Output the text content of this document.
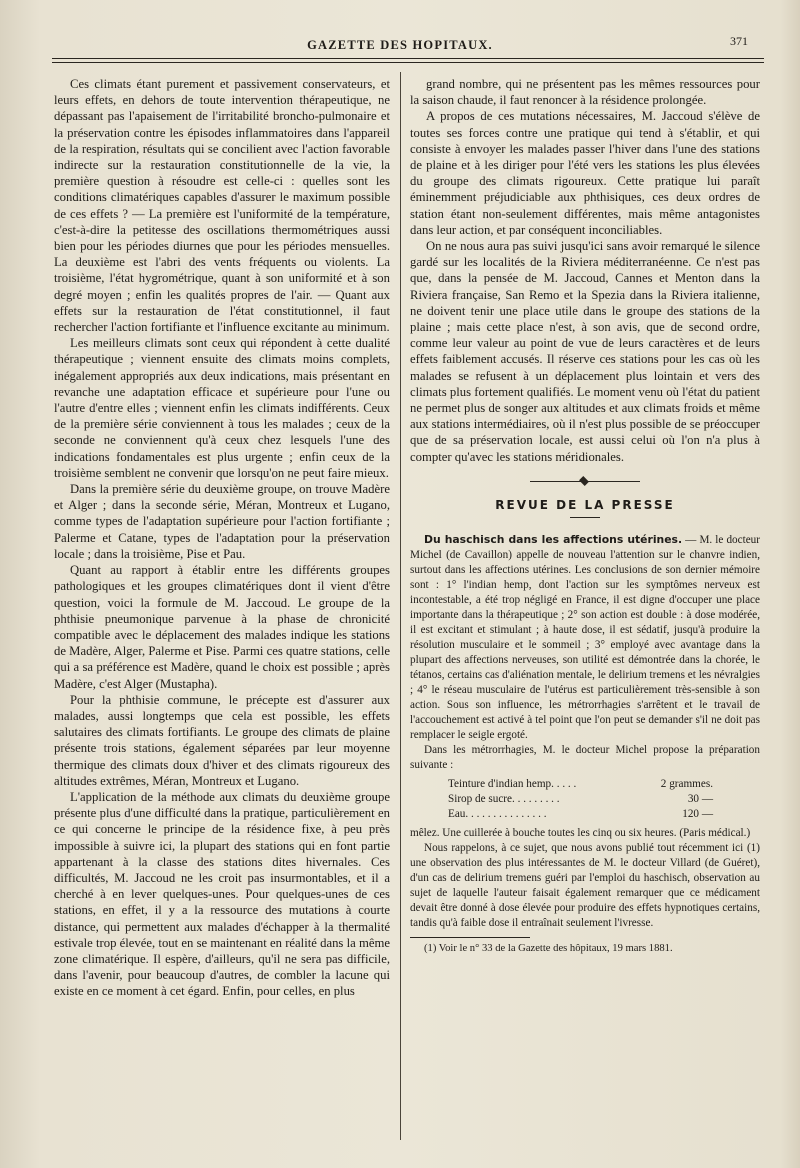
GAZETTE DES HOPITAUX.	371

Ces climats étant purement et passivement conservateurs, et leurs effets, en dehors de toute intervention thérapeutique, ne dépassant pas l'apaisement de l'irritabilité broncho-pulmonaire et la préservation contre les épisodes inflammatoires dans l'appareil de la respiration, résultats qui se concilient avec l'action favorable indirecte sur la restauration constitutionnelle de la vie, la première question à résoudre est celle-ci : quelles sont les conditions climatériques capables d'assurer le maximum possible de ces effets ? — La première est l'uniformité de la température, c'est-à-dire la petitesse des oscillations thermométriques aussi bien pour les périodes diurnes que pour les périodes mensuelles. La deuxième est l'abri des vents fréquents ou violents. La troisième, l'état hygrométrique, quant à son uniformité et à son degré moyen ; enfin les qualités propres de l'air. — Quant aux effets sur la restauration de l'état constitutionnel, il faut rechercher l'action fortifiante et l'influence excitante au minimum.

Les meilleurs climats sont ceux qui répondent à cette dualité thérapeutique ; viennent ensuite des climats moins complets, inégalement appropriés aux deux indications, mais présentant en revanche une adaptation efficace et supérieure pour l'une ou l'autre d'entre elles ; viennent enfin les climats indifférents. Ceux de la première série conviennent à tous les malades ; ceux de la seconde ne conviennent qu'à ceux chez lesquels l'une des indications fondamentales est plus urgente ; enfin ceux de la troisième semblent ne convenir que lorsqu'on ne peut faire mieux.

Dans la première série du deuxième groupe, on trouve Madère et Alger ; dans la seconde série, Méran, Montreux et Lugano, comme types de l'adaptation supérieure pour l'action fortifiante ; Palerme et Catane, types de l'adaptation pour la préservation locale ; dans la troisième, Pise et Pau.

Quant au rapport à établir entre les différents groupes pathologiques et les groupes climatériques dont il vient d'être question, voici la formule de M. Jaccoud. Le groupe de la phthisie pneumonique parvenue à la phase de chronicité compatible avec le déplacement des malades indique les stations de Madère, Alger, Palerme et Pise. Parmi ces quatre stations, celle qui a sa préférence est Madère, quand le choix est possible ; après Madère, c'est Alger (Mustapha).

Pour la phthisie commune, le précepte est d'assurer aux malades, aussi longtemps que cela est possible, les effets salutaires des climats fortifiants. Le groupe des climats de plaine présente trois stations, également séparées par leur moyenne thermique des climats doux d'hiver et des climats rigoureux des altitudes extrêmes, Méran, Montreux et Lugano.

L'application de la méthode aux climats du deuxième groupe présente plus d'une difficulté dans la pratique, particulièrement en ce qui concerne le principe de la résidence fixe, à peu près impossible à suivre ici, la plupart des stations qui en font partie appartenant à la classe des stations dites hivernales. Ces difficultés, M. Jaccoud ne les croit pas insurmontables, et il a cherché à en lever quelques-unes. Pour quelques-unes de ces stations, en effet, il y a la ressource des mutations à courte distance, qui permettent aux malades d'échapper à la thermalité estivale trop élevée, tout en se maintenant en réalité dans la même zone climatérique. Il espère, d'ailleurs, qu'il ne sera pas difficile, dans l'avenir, pour beaucoup d'autres, de combler la lacune qui existe en ce moment à cet égard. Enfin, pour celles, en plus

grand nombre, qui ne présentent pas les mêmes ressources pour la saison chaude, il faut renoncer à la résidence prolongée.

A propos de ces mutations nécessaires, M. Jaccoud s'élève de toutes ses forces contre une pratique qui tend à s'établir, et qui consiste à envoyer les malades passer l'hiver dans l'une des stations de plaine et à les diriger pour l'été vers les stations les plus élevées du groupe des climats rigoureux. Cette pratique lui paraît éminemment préjudiciable aux phthisiques, ces deux ordres de station étant non-seulement différentes, mais même antagonistes dans leur action, et par conséquent inconciliables.

On ne nous aura pas suivi jusqu'ici sans avoir remarqué le silence gardé sur les localités de la Riviera méditerranéenne. Ce n'est pas que, dans la pensée de M. Jaccoud, Cannes et Menton dans la Riviera française, San Remo et la Spezia dans la Riviera italienne, ne doivent tenir une place utile dans le groupe des stations de la plaine ; mais cette place n'est, à son avis, que de second ordre, comme leur valeur au point de vue de leurs caractères et de leurs effets faiblement accusés. Il réserve ces stations pour les cas où les malades se refusent à un déplacement plus lointain et vers des climats plus fortement qualifiés. Le moment venu où l'état du patient ne permet plus de songer aux altitudes et aux climats froids et même aux stations intermédiaires, où il n'est plus possible de se préoccuper que de sa préservation locale, est aussi celui où l'on n'a plus à compter qu'avec les stations méridionales.

REVUE DE LA PRESSE

Du haschisch dans les affections utérines. — M. le docteur Michel (de Cavaillon) appelle de nouveau l'attention sur le chanvre indien, surtout dans les affections utérines. Les conclusions de son dernier mémoire sont : 1° l'indian hemp, dont l'action sur les symptômes nerveux est incontestable, a été trop négligé en France, il est digne d'occuper une place importante dans la thérapeutique ; 2° son action est double : à dose modérée, il est excitant et stimulant ; à haute dose, il est sédatif, jusqu'à produire la résolution musculaire et le sommeil ; 3° employé avec avantage dans la plupart des affections nerveuses, son utilité est démontrée dans la chorée, le tétanos, certains cas d'aliénation mentale, le delirium tremens et les névralgies ; 4° le réseau musculaire de l'utérus est particulièrement très-sensible à son action. Sous son influence, les métrorrhagies s'arrêtent et le travail de l'accouchement est activé à tel point que l'on peut se demander s'il ne doit pas remplacer le seigle ergoté.

Dans les métrorrhagies, M. le docteur Michel propose la préparation suivante :

Teinture d'indian hemp. . . . .	2 grammes.
Sirop de sucre. . . . . . . . .	30 —
Eau. . . . . . . . . . . . . . .	120 —

mêlez. Une cuillerée à bouche toutes les cinq ou six heures. (Paris médical.)

Nous rappelons, à ce sujet, que nous avons publié tout récemment ici (1) une observation des plus intéressantes de M. le docteur Villard (de Guéret), d'un cas de delirium tremens guéri par l'emploi du haschisch, observation au sujet de laquelle l'auteur faisait également remarquer que ce médicament devait être donné à dose élevée pour produire des effets hypnotiques certains, tandis qu'à faible dose il entraînait seulement l'ivresse.

(1) Voir le n° 33 de la Gazette des hôpitaux, 19 mars 1881.
